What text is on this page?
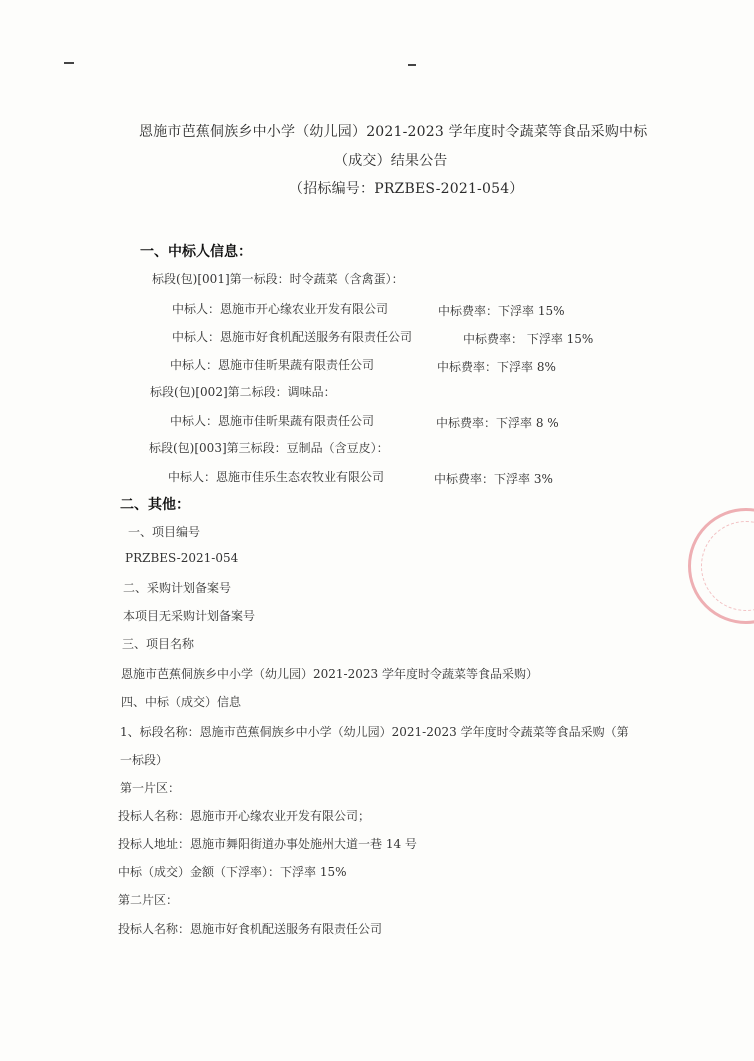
恩施市芭蕉侗族乡中小学（幼儿园）2021-2023 学年度时令蔬菜等食品采购中标
（成交）结果公告
（招标编号：PRZBES-2021-054）
一、中标人信息：
标段(包)[001]第一标段：时令蔬菜（含禽蛋）：
中标人：恩施市开心缘农业开发有限公司	中标费率：下浮率 15%
中标人：恩施市好食机配送服务有限责任公司	中标费率： 下浮率 15%
中标人：恩施市佳昕果蔬有限责任公司	中标费率：下浮率 8%
标段(包)[002]第二标段：调味品：
中标人：恩施市佳昕果蔬有限责任公司	中标费率：下浮率 8 %
标段(包)[003]第三标段：豆制品（含豆皮）：
中标人：恩施市佳乐生态农牧业有限公司	中标费率：下浮率 3%
二、其他：
一、项目编号
PRZBES-2021-054
二、采购计划备案号
本项目无采购计划备案号
三、项目名称
恩施市芭蕉侗族乡中小学（幼儿园）2021-2023 学年度时令蔬菜等食品采购）
四、中标（成交）信息
1、标段名称：恩施市芭蕉侗族乡中小学（幼儿园）2021-2023 学年度时令蔬菜等食品采购（第
一标段）
第一片区：
投标人名称：恩施市开心缘农业开发有限公司；
投标人地址：恩施市舞阳街道办事处施州大道一巷 14 号
中标（成交）金额（下浮率）：下浮率 15%
第二片区：
投标人名称：恩施市好食机配送服务有限责任公司
